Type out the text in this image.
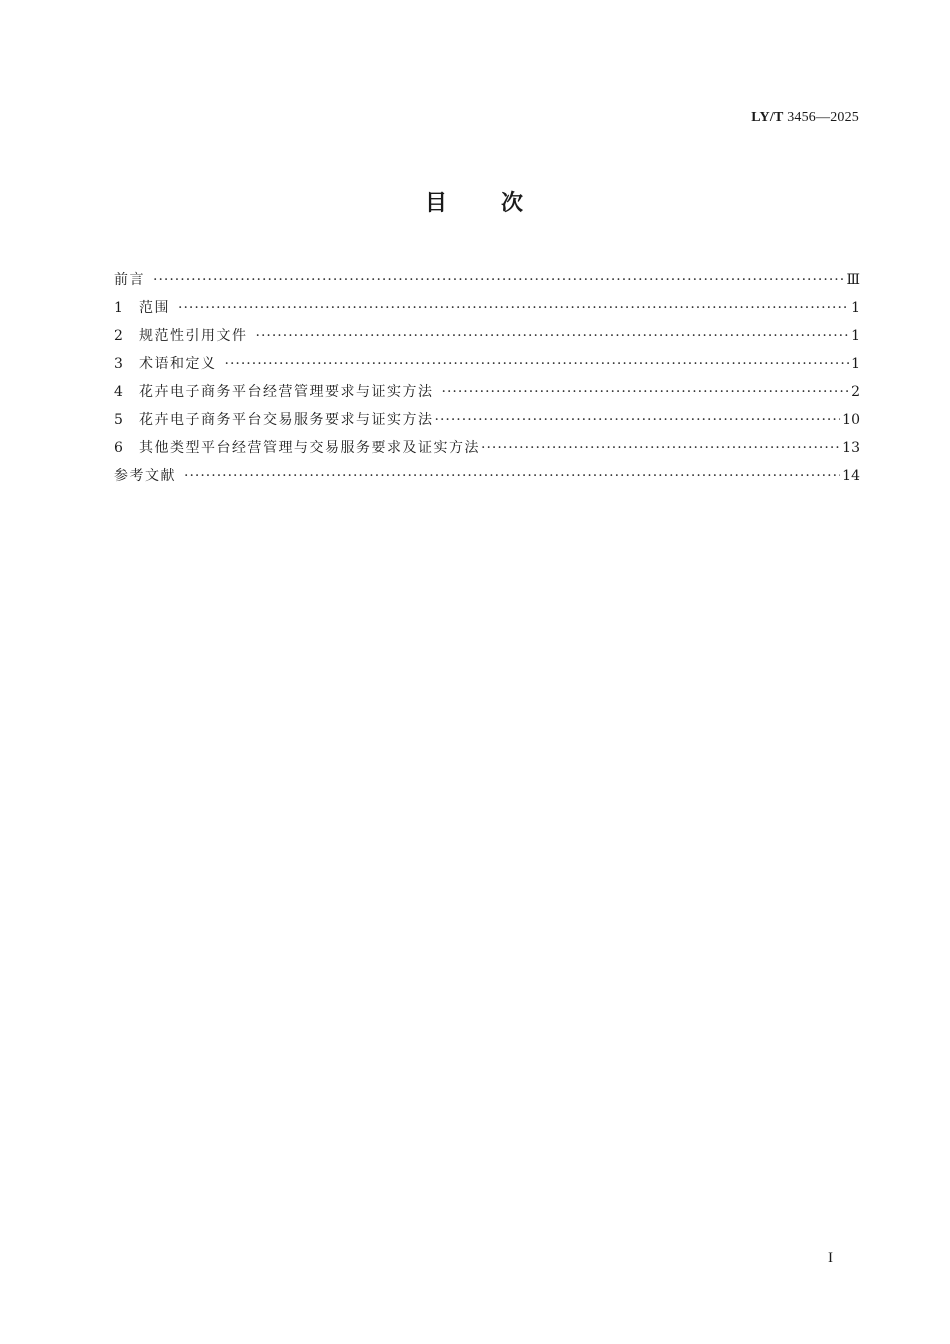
LY/T 3456—2025
目 次
前言 ·····	Ⅲ
1	范围 ·····	1
2	规范性引用文件 ·····	1
3	术语和定义 ·····	1
4	花卉电子商务平台经营管理要求与证实方法 ·····	2
5	花卉电子商务平台交易服务要求与证实方法 ·····	10
6	其他类型平台经营管理与交易服务要求及证实方法 ·····	13
参考文献 ·····	14
I
